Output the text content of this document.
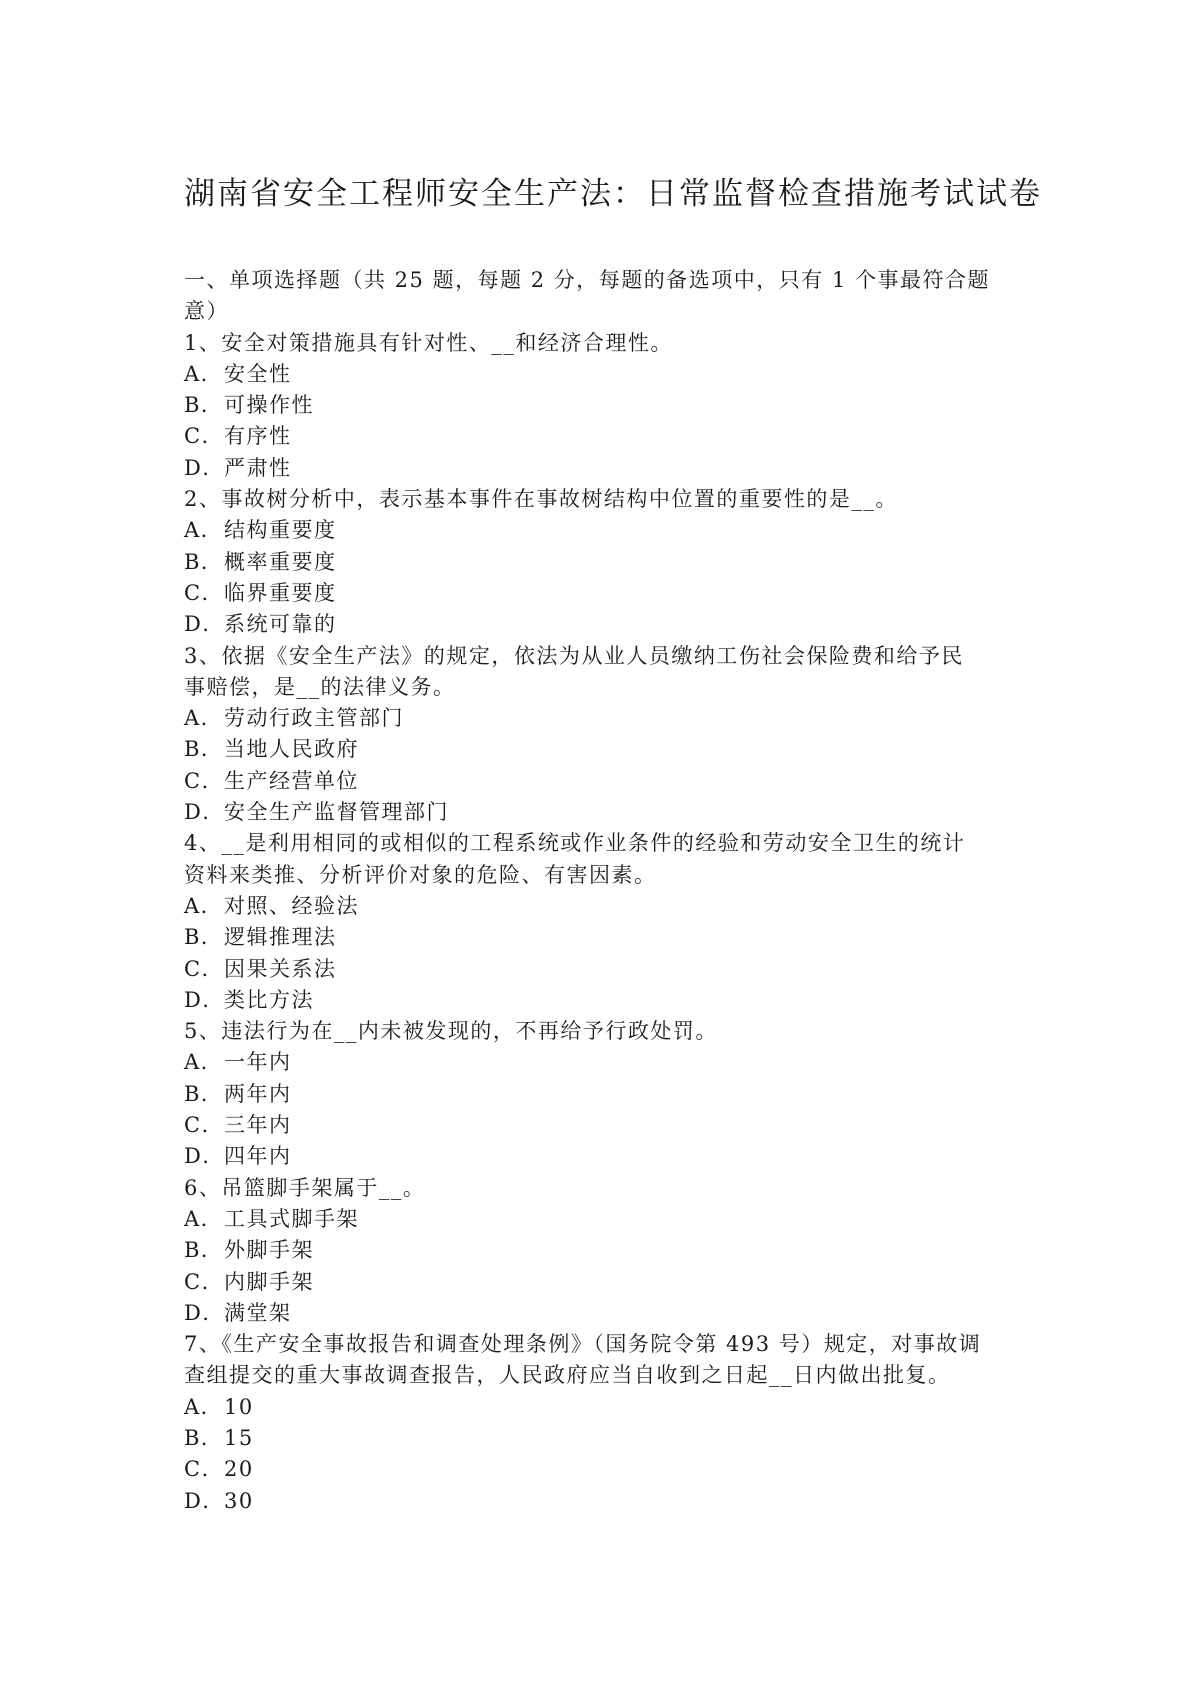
湖南省安全工程师安全生产法：日常监督检查措施考试试卷
一、单项选择题（共 25 题，每题 2 分，每题的备选项中，只有 1 个事最符合题
意）
1、安全对策措施具有针对性、__和经济合理性。
A．安全性
B．可操作性
C．有序性
D．严肃性
2、事故树分析中，表示基本事件在事故树结构中位置的重要性的是__。
A．结构重要度
B．概率重要度
C．临界重要度
D．系统可靠的
3、依据《安全生产法》的规定，依法为从业人员缴纳工伤社会保险费和给予民
事赔偿，是__的法律义务。
A．劳动行政主管部门
B．当地人民政府
C．生产经营单位
D．安全生产监督管理部门
4、__是利用相同的或相似的工程系统或作业条件的经验和劳动安全卫生的统计
资料来类推、分析评价对象的危险、有害因素。
A．对照、经验法
B．逻辑推理法
C．因果关系法
D．类比方法
5、违法行为在__内未被发现的，不再给予行政处罚。
A．一年内
B．两年内
C．三年内
D．四年内
6、吊篮脚手架属于__。
A．工具式脚手架
B．外脚手架
C．内脚手架
D．满堂架
7、《生产安全事故报告和调查处理条例》（国务院令第 493 号）规定，对事故调
查组提交的重大事故调查报告，人民政府应当自收到之日起__日内做出批复。
A．10
B．15
C．20
D．30
